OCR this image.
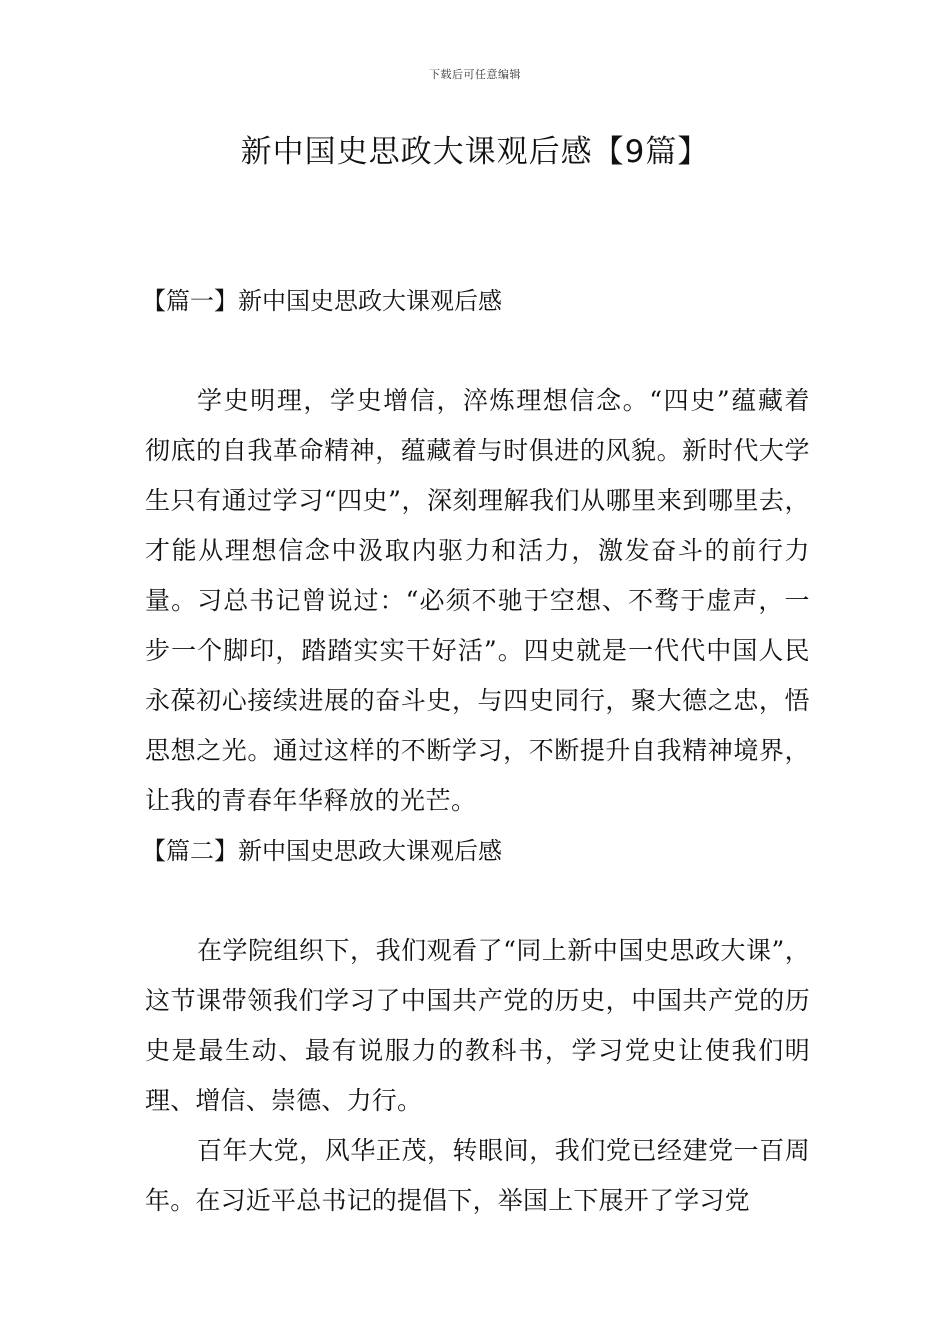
下载后可任意编辑
新中国史思政大课观后感【9篇】
【篇一】新中国史思政大课观后感

学史明理，学史增信，淬炼理想信念。“四史”蕴藏着彻底的自我革命精神，蕴藏着与时俱进的风貌。新时代大学生只有通过学习“四史”，深刻理解我们从哪里来到哪里去，才能从理想信念中汲取内驱力和活力，激发奋斗的前行力量。习总书记曾说过：“必须不驰于空想、不骛于虚声，一步一个脚印，踏踏实实干好活”。四史就是一代代中国人民永葆初心接续进展的奋斗史，与四史同行，聚大德之忠，悟思想之光。通过这样的不断学习，不断提升自我精神境界，让我的青春年华释放的光芒。

【篇二】新中国史思政大课观后感

在学院组织下，我们观看了“同上新中国史思政大课”，这节课带领我们学习了中国共产党的历史，中国共产党的历史是最生动、最有说服力的教科书，学习党史让使我们明理、增信、崇德、力行。

百年大党，风华正茂，转眼间，我们党已经建党一百周年。在习近平总书记的提倡下，举国上下展开了学习党
